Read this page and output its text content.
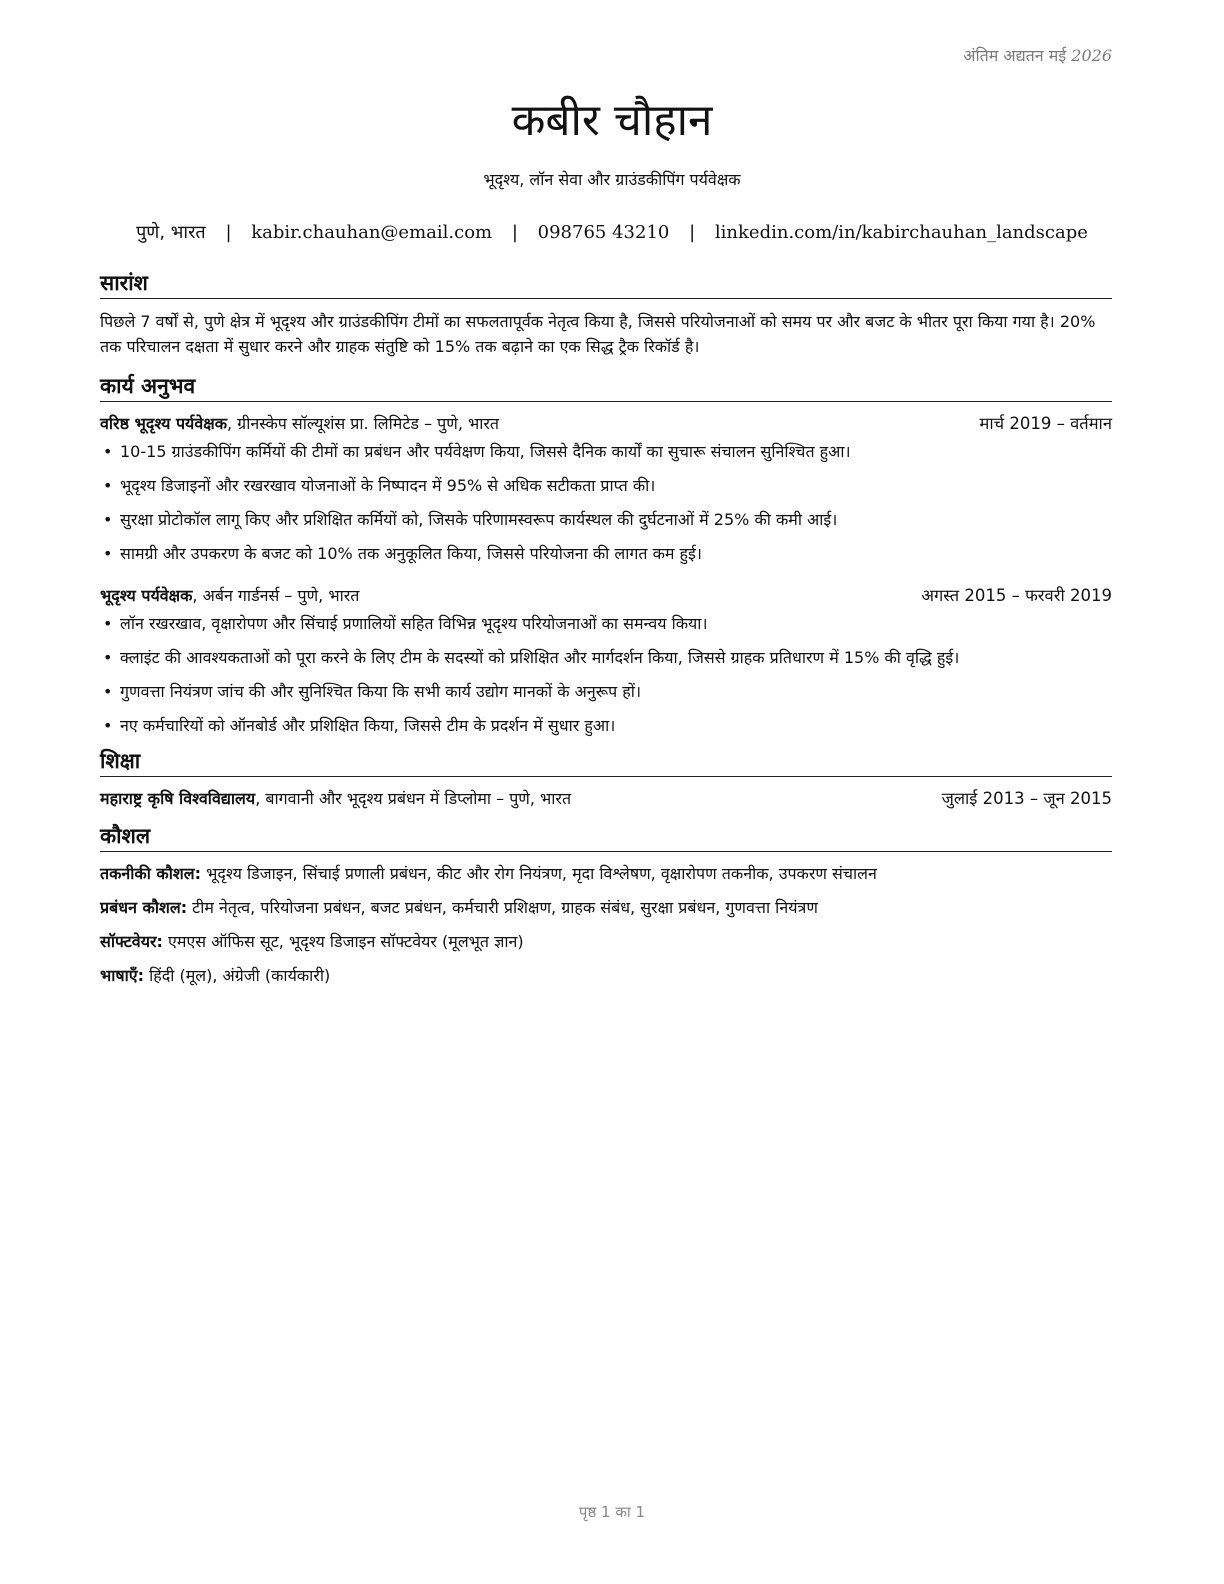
अंतिम अद्यतन मई 2026
कबीर चौहान
भूदृश्य, लॉन सेवा और ग्राउंडकीपिंग पर्यवेक्षक
पुणे, भारत | kabir.chauhan@email.com | 098765 43210 | linkedin.com/in/kabirchauhan_landscape
सारांश
पिछले 7 वर्षों से, पुणे क्षेत्र में भूदृश्य और ग्राउंडकीपिंग टीमों का सफलतापूर्वक नेतृत्व किया है, जिससे परियोजनाओं को समय पर और बजट के भीतर पूरा किया गया है। 20% तक परिचालन दक्षता में सुधार करने और ग्राहक संतुष्टि को 15% तक बढ़ाने का एक सिद्ध ट्रैक रिकॉर्ड है।
कार्य अनुभव
वरिष्ठ भूदृश्य पर्यवेक्षक, ग्रीनस्केप सॉल्यूशंस प्रा. लिमिटेड – पुणे, भारत	मार्च 2019 – वर्तमान
• 10-15 ग्राउंडकीपिंग कर्मियों की टीमों का प्रबंधन और पर्यवेक्षण किया, जिससे दैनिक कार्यों का सुचारू संचालन सुनिश्चित हुआ।
• भूदृश्य डिजाइनों और रखरखाव योजनाओं के निष्पादन में 95% से अधिक सटीकता प्राप्त की।
• सुरक्षा प्रोटोकॉल लागू किए और प्रशिक्षित कर्मियों को, जिसके परिणामस्वरूप कार्यस्थल की दुर्घटनाओं में 25% की कमी आई।
• सामग्री और उपकरण के बजट को 10% तक अनुकूलित किया, जिससे परियोजना की लागत कम हुई।
भूदृश्य पर्यवेक्षक, अर्बन गार्डनर्स – पुणे, भारत	अगस्त 2015 – फरवरी 2019
• लॉन रखरखाव, वृक्षारोपण और सिंचाई प्रणालियों सहित विभिन्न भूदृश्य परियोजनाओं का समन्वय किया।
• क्लाइंट की आवश्यकताओं को पूरा करने के लिए टीम के सदस्यों को प्रशिक्षित और मार्गदर्शन किया, जिससे ग्राहक प्रतिधारण में 15% की वृद्धि हुई।
• गुणवत्ता नियंत्रण जांच की और सुनिश्चित किया कि सभी कार्य उद्योग मानकों के अनुरूप हों।
• नए कर्मचारियों को ऑनबोर्ड और प्रशिक्षित किया, जिससे टीम के प्रदर्शन में सुधार हुआ।
शिक्षा
महाराष्ट्र कृषि विश्वविद्यालय, बागवानी और भूदृश्य प्रबंधन में डिप्लोमा – पुणे, भारत	जुलाई 2013 – जून 2015
कौशल
तकनीकी कौशल: भूदृश्य डिजाइन, सिंचाई प्रणाली प्रबंधन, कीट और रोग नियंत्रण, मृदा विश्लेषण, वृक्षारोपण तकनीक, उपकरण संचालन
प्रबंधन कौशल: टीम नेतृत्व, परियोजना प्रबंधन, बजट प्रबंधन, कर्मचारी प्रशिक्षण, ग्राहक संबंध, सुरक्षा प्रबंधन, गुणवत्ता नियंत्रण
सॉफ्टवेयर: एमएस ऑफिस सूट, भूदृश्य डिजाइन सॉफ्टवेयर (मूलभूत ज्ञान)
भाषाएँ: हिंदी (मूल), अंग्रेजी (कार्यकारी)
पृष्ठ 1 का 1
